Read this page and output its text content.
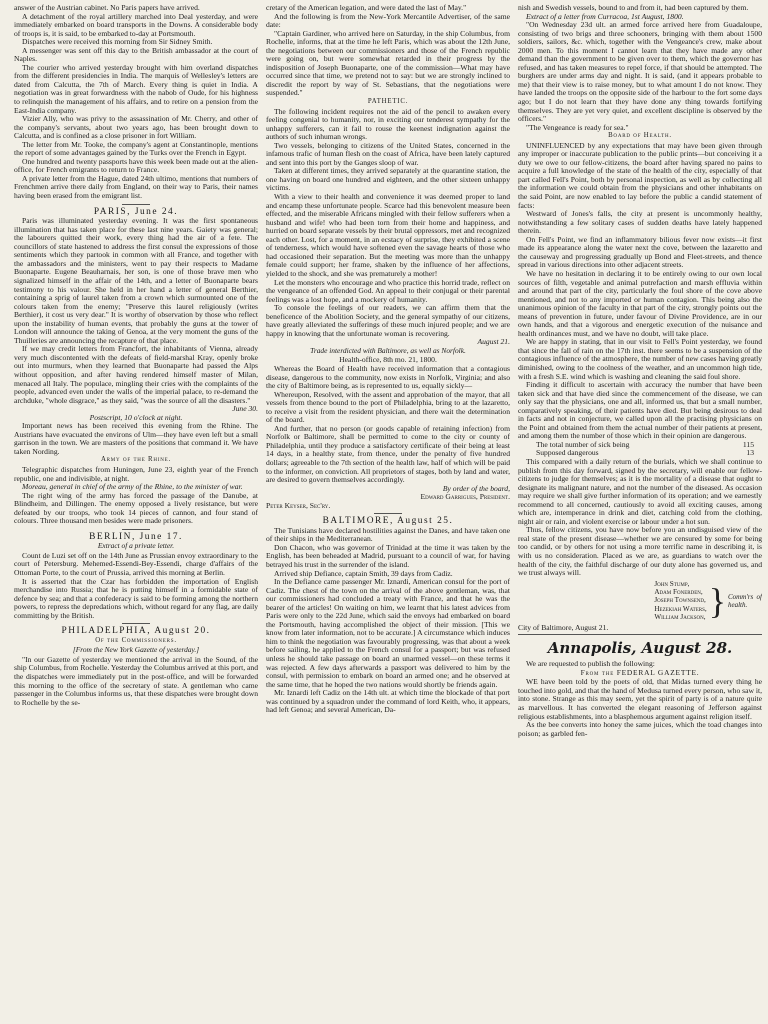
answer of the Austrian cabinet. No Paris papers have arrived.

A detachment of the royal artillery marched into Deal yesterday, and were immediately embarked on board transports in the Downs. A considerable body of troops is, it is said, to be embarked to-day at Portsmouth.

Dispatches were received this morning from Sir Sidney Smith.

A messenger was sent off this day to the British ambassador at the court of Naples.

The courier who arrived yesterday brought with him overland dispatches from the different presidencies in India. The marquis of Wellesley's letters are dated from Calcutta, the 7th of March. Every thing is quiet in India. A negotiation was in great forwardness with the nabob of Oude, for his highness to relinquish the management of his affairs, and to retire on a pension from the East-India company.

Vizier Ally, who was privy to the assassination of Mr. Cherry, and other of the company's servants, about two years ago, has been brought down to Calcutta, and is confined as a close prisoner in fort William.

The letter from Mr. Tooke, the company's agent at Constantinople, mentions the report of some advantages gained by the Turks over the French in Egypt.

One hundred and twenty passports have this week been made out at the alien-office, for French emigrants to return to France.

A private letter from the Hague, dated 24th ultimo, mentions that numbers of Frenchmen arrive there daily from England, on their way to Paris, their names having been erased from the emigrant list.

PARIS, June 24.

Paris was illuminated yesterday evening. It was the first spontaneous illumination that has taken place for these last nine years. Gaiety was general; the labourers quitted their work, every thing had the air of a fete. The councillors of state hastened to address the first consul the expressions of those sentiments which they partook in common with all France, and together with the ambassadors and the ministers, went to pay their respects to Madame Buonaparte. Eugene Beauharnais, her son, is one of those brave men who signalized himself in the affair of the 14th, and a letter of Buonaparte bears testimony to his valour. She held in her hand a letter of general Berthier, containing a sprig of laurel taken from a crown which surmounted one of the colours taken from the enemy; "Preserve this laurel religiously (writes Berthier), it cost us very dear." It is worthy of observation by those who reflect upon the instability of human events, that probably the guns at the tower of London will announce the taking of Genoa, at the very moment the guns of the Thuilleries are announcing the recapture of that place.

If we may credit letters from Francfort, the inhabitants of Vienna, already very much discontented with the defeats of field-marshal Kray, openly broke out into murmurs, when they learned that Buonaparte had passed the Alps without opposition, and after having rendered himself master of Milan, menaced all Italy. The populace, mingling their cries with the complaints of the people, advanced even under the walls of the imperial palace, to re-demand the archduke, "whole disgrace," as they said, "was the source of all the disasters."

June 30.

Postscript, 10 o'clock at night.

Important news has been received this evening from the Rhine. The Austrians have evacuated the environs of Ulm—they have even left but a small garrison in the town. We are masters of the positions that command it. We have taken Nording.

Army of the Rhine.

Telegraphic dispatches from Huningen, June 23, eighth year of the French republic, one and indivisible, at night.

Moreau, general in chief of the army of the Rhine, to the minister of war.

The right wing of the army has forced the passage of the Danube, at Blindheim, and Dillingen. The enemy opposed a lively resistance, but were defeated by our troops, who took 14 pieces of cannon, and four stand of colours. Three thousand men besides were made prisoners.

BERLIN, June 17.
Extract of a private letter.

Count de Luzi set off on the 14th June as Prussian envoy extraordinary to the court of Petersburg. Mehemed-Essendi-Bey-Essendi, charge d'affairs of the Ottoman Porte, to the court of Prussia, arrived this morning at Berlin.

It is asserted that the Czar has forbidden the importation of English merchandise into Russia; that he is putting himself in a formidable state of defence by sea; and that a confederacy is said to be forming among the northern powers, to repress the depredations which, without regard for any flag, are daily committing by the British.

PHILADELPHIA, August 20.
Of the Commissioners.
[From the New York Gazette of yesterday.]

"In our Gazette of yesterday we mentioned the arrival in the Sound, of the ship Columbus, from Rochelle. Yesterday the Columbus arrived at this port, and the dispatches were immediately put in the post-office, and will be forwarded this morning to the office of the secretary of state. A gentleman who came passenger in the Columbus informs us, that these dispatches were brought down to Rochelle by the se-

cretary of the American legation, and were dated the last of May."

And the following is from the New-York Mercantile Advertiser, of the same date:

"Captain Gardiner, who arrived here on Saturday, in the ship Columbus, from Rochelle, informs, that at the time he left Paris, which was about the 12th June, the negotiations between our commissioners and those of the French republic were going on, but were somewhat retarded in their progress by the indisposition of Joseph Buonaparte, one of the commission—What may have occurred since that time, we pretend not to say: but we are strongly inclined to discredit the report by way of St. Sebastians, that the negotiations were suspended."

PATHETIC.

The following incident requires not the aid of the pencil to awaken every feeling congenial to humanity, nor, in exciting our tenderest sympathy for the unhappy sufferers, can it fail to rouse the keenest indignation against the authors of such inhuman wrongs.

Two vessels, belonging to citizens of the United States, concerned in the infamous trafic of human flesh on the coast of Africa, have been lately captured and sent into this port by the Ganges sloop of war.

Taken at different times, they arrived separately at the quarantine station, the one having on board one hundred and eighteen, and the other sixteen unhappy victims.

With a view to their health and convenience it was deemed proper to land and encamp these unfortunate people. Scarce had this benevolent measure been effected, and the miserable Africans mingled with their fellow sufferers when a husband and wife! who had been torn from their home and happiness, and hurried on board separate vessels by their brutal oppressors, met and recognized each other. Lost, for a moment, in an ecstacy of surprise, they exhibited a scene of tenderness, which would have softened even the savage hearts of those who had occasioned their separation. But the meeting was more than the unhappy female could support; her frame, shaken by the influence of her affections, yielded to the shock, and she was prematurely a mother!

Let the monsters who encourage and who practice this horrid trade, reflect on the vengeance of an offended God. An appeal to their conjugal or their parental feelings was a lost hope, and a mockery of humanity.

To console the feelings of our readers, we can affirm them that the beneficence of the Abolition Society, and the general sympathy of our citizens, have greatly alleviated the sufferings of these much injured people; and we are happy in knowing that the unfortunate woman is recovering.

August 21.

Trade interdicted with Baltimore, as well as Norfolk.

Health-office, 8th mo. 21, 1800.

Whereas the Board of Health have received information that a contagious disease, dangerous to the community, now exists in Norfolk, Virginia; and also the city of Baltimore being, as is represented to us, equally sickly—

Whereupon, Resolved, with the assent and approbation of the mayor, that all vessels from thence bound to the port of Philadelphia, bring to at the lazaretto, to receive a visit from the resident physician, and there wait the determination of the board.

And further, that no person (or goods capable of retaining infection) from Norfolk or Baltimore, shall be permitted to come to the city or county of Philadelphia, until they produce a satisfactory certificate of their being at least 14 days, in a healthy state, from thence, under the penalty of five hundred dollars; agreeable to the 7th section of the health law, half of which will be paid to the informer, on conviction. All proprietors of stages, both by land and water, are desired to govern themselves accordingly.

By order of the board,

Edward Garrigues, President.

Peter Keyser, Sec'ry.

BALTIMORE, August 25.

The Tunisians have declared hostilities against the Danes, and have taken one of their ships in the Mediterranean.

Don Chacon, who was governor of Trinidad at the time it was taken by the English, has been beheaded at Madrid, pursuant to a council of war, for having betrayed his trust in the surrender of the island.

Arrived ship Defiance, captain Smith, 39 days from Cadiz.

In the Defiance came passenger Mr. Iznardi, American consul for the port of Cadiz. The chest of the town on the arrival of the above gentleman, was, that our commissioners had concluded a treaty with France, and that he was the bearer of the articles! On waiting on him, we learnt that his latest advices from Paris were only to the 22d June, which said the envoys had embarked on board the Portsmouth, having accomplished the object of their mission. [This we know from later information, not to be accurate.] A circumstance which induces him to think the negotiation was favourably progressing, was that about a week before sailing, he applied to the French consul for a passport; but was refused unless he should take passage on board an unarmed vessel—on these terms it was rejected. A few days afterwards a passport was delivered to him by the consul, with permission to embark on board an armed one; and he observed at the same time, that he hoped the two nations would shortly be friends again.

Mr. Iznardi left Cadiz on the 14th ult. at which time the blockade of that port was continued by a squadron under the command of lord Keith, who, it appears, had left Genoa; and several American, Da-

nish and Swedish vessels, bound to and from it, had been captured by them.

Extract of a letter from Curracoa, 1st August, 1800.

"On Wednesday 23d ult. an armed force arrived here from Guadaloupe, consisting of two brigs and three schooners, bringing with them about 1500 soldiers, sailors, &c. which, together with the Vengeance's crew, make about 2000 men. To this moment I cannot learn that they have made any other demand than the government to be given over to them, which the governor has refused, and has taken measures to repel force, if that should be attempted. The burghers are under arms day and night. It is said, (and it appears probable to me) that their view is to raise money, but to what amount I do not know. They have landed the troops on the opposite side of the harbour to the fort some days ago; but I do not learn that they have done any thing towards fortifying themselves. They are yet very quiet, and excellent discipline is observed by the officers."

"The Vengeance is ready for sea."

Board of Health.

UNINFLUENCED by any expectations that may have been given through any improper or inaccurate publication to the public prints—but conceiving it a duty we owe to our fellow-citizens, the board after having spared no pains to acquire a full knowledge of the state of the health of the city, especially of that part called Fell's Point, both by personal inspection, as well as by collecting all the information we could obtain from the physicians and other inhabitants on the said Point, are now enabled to lay before the public a candid statement of facts:

Westward of Jones's falls, the city at present is uncommonly healthy, notwithstanding a few solitary cases of sudden deaths have lately happened therein.

On Fell's Point, we find an inflammatory bilious fever now exists—it first made its appearance along the water next the cove, between the lazaretto and the causeway and progressing gradually up Bond and Fleet-streets, and thence spread in various directions into other adjacent streets.

We have no hesitation in declaring it to be entirely owing to our own local sources of filth, vegetable and animal putrefaction and marsh effluvia within and around that part of the city, particularly the foul shore of the cove above mentioned, and not to any imported or human contagion. This being also the unanimous opinion of the faculty in that part of the city, strongly points out the means of prevention in future, under favour of Divine Providence, are in our own hands, and that a vigorous and energetic execution of the nuisance and health ordinances must, and we have no doubt, will take place.

We are happy in stating, that in our visit to Fell's Point yesterday, we found that since the fall of rain on the 17th inst. there seems to be a suspension of the contagious influence of the atmosphere, the number of new cases having greatly diminished, owing to the coolness of the weather, and an uncommon high tide, with a fresh S.E. wind which is washing and cleaning the said foul shore.

Finding it difficult to ascertain with accuracy the number that have been taken sick and that have died since the commencement of the disease, we can only say that the physicians, one and all, informed us, that but a small number, comparatively speaking, of their patients have died. But being desirous to deal in facts and not in conjecture, we called upon all the practising physicians on the Point and obtained from them the actual number of their patients at present, and among them the number of those which in their opinion are dangerous.

The total number of sick being	115
Supposed dangerous	13

This compared with a daily return of the burials, which we shall continue to publish from this day forward, signed by the secretary, will enable our fellow-citizens to judge for themselves; as it is the mortality of a disease that ought to designate its malignant nature, and not the number of the diseased. As occasion may require we shall give further information of its operation; and we earnestly recommend to all concerned, cautiously to avoid all exciting causes, among which are, intemperance in drink and diet, catching cold from the clothing, night air or rain, and violent exercise or labour under a hot sun.

Thus, fellow citizens, you have now before you an undisguised view of the real state of the present disease—whether we are censured by some for being too candid, or by others for not using a more terrific name in describing it, is with us no consideration. Placed as we are, as guardians to watch over the health of the city, the faithful discharge of our duty alone has governed us, and we trust always will.

John Stump,
Adam Fonerden,
Joseph Townsend,
Hezekiah Waters,
William Jackson, } Comm'rs of health.

City of Baltimore, August 21.

Annapolis, August 28.

We are requested to publish the following:

From the FEDERAL GAZETTE.

WE have been told by the poets of old, that Midas turned every thing he touched into gold, and that the hand of Medusa turned every person, who saw it, into stone. Strange as this may seem, yet the spirit of party is of a nature quite as marvellous. It has converted the elegant reasoning of Jefferson against religious establishments, into a blasphemous argument against religion itself.

As the bee converts into honey the same juices, which the toad changes into poison; as garbled fen-
